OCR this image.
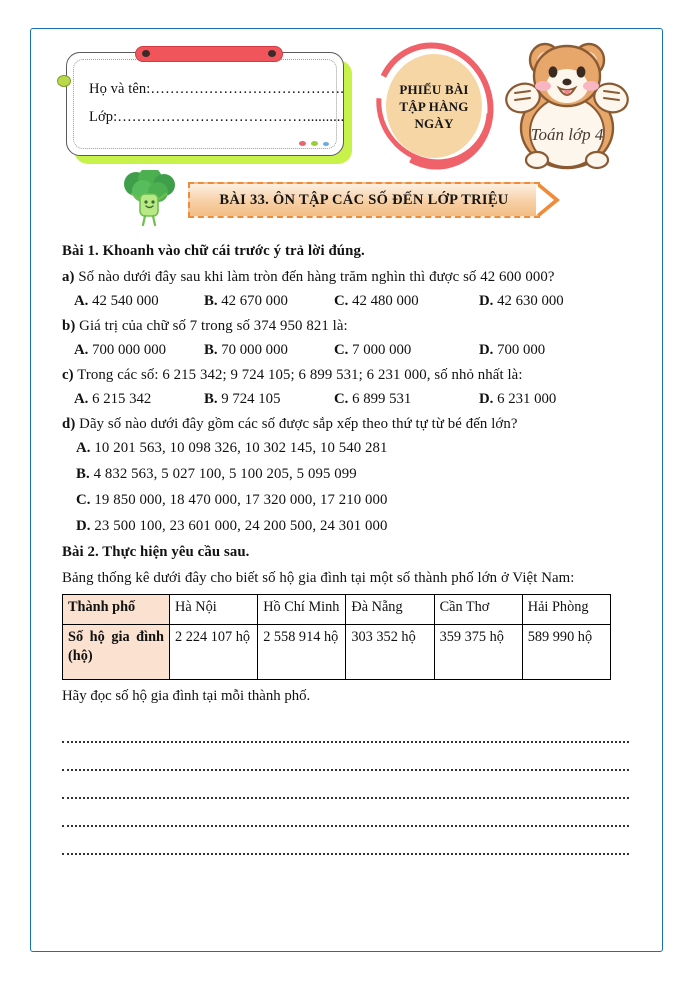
Họ và tên:………………………………….
Lớp:…………………………………..........
PHIẾU BÀI
TẬP HÀNG
NGÀY
Toán lớp 4
BÀI 33. ÔN TẬP CÁC SỐ ĐẾN LỚP TRIỆU
Bài 1. Khoanh vào chữ cái trước ý trả lời đúng.
a) Số nào dưới đây sau khi làm tròn đến hàng trăm nghìn thì được số 42 600 000?
A. 42 540 000	B. 42 670 000	C. 42 480 000	D. 42 630 000
b) Giá trị của chữ số 7 trong số 374 950 821 là:
A. 700 000 000	B. 70 000 000	C. 7 000 000	D. 700 000
c) Trong các số: 6 215 342; 9 724 105; 6 899 531; 6 231 000, số nhỏ nhất là:
A. 6 215 342	B. 9 724 105	C. 6 899 531	D. 6 231 000
d) Dãy số nào dưới đây gồm các số được sắp xếp theo thứ tự từ bé đến lớn?
A. 10 201 563, 10 098 326, 10 302 145, 10 540 281
B. 4 832 563, 5 027 100, 5 100 205, 5 095 099
C. 19 850 000, 18 470 000, 17 320 000, 17 210 000
D. 23 500 100, 23 601 000, 24 200 500, 24 301 000
Bài 2. Thực hiện yêu cầu sau.
Bảng thống kê dưới đây cho biết số hộ gia đình tại một số thành phố lớn ở Việt Nam:
Thành phố	Hà Nội	Hồ Chí Minh	Đà Nẵng	Cần Thơ	Hải Phòng
Số hộ gia đình (hộ)	2 224 107 hộ	2 558 914 hộ	303 352 hộ	359 375 hộ	589 990 hộ
Hãy đọc số hộ gia đình tại mỗi thành phố.
